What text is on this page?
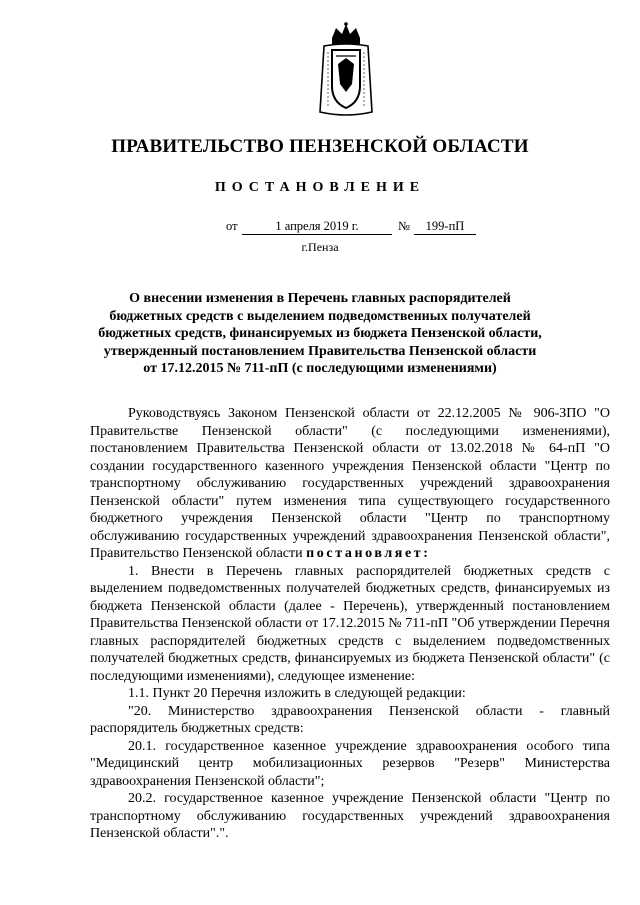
ПРАВИТЕЛЬСТВО ПЕНЗЕНСКОЙ ОБЛАСТИ
ПОСТАНОВЛЕНИЕ
от	1 апреля 2019 г.	№	199-пП
г.Пенза
О внесении изменения в Перечень главных распорядителей
бюджетных средств с выделением подведомственных получателей
бюджетных средств, финансируемых из бюджета Пензенской области,
утвержденный постановлением Правительства Пензенской области
от 17.12.2015 № 711-пП (с последующими изменениями)

Руководствуясь Законом Пензенской области от 22.12.2005 № 906-ЗПО "О Правительстве Пензенской области" (с последующими изменениями), постановлением Правительства Пензенской области от 13.02.2018 № 64-пП "О создании государственного казенного учреждения Пензенской области "Центр по транспортному обслуживанию государственных учреждений здравоохранения Пензенской области" путем изменения типа существующего государственного бюджетного учреждения Пензенской области "Центр по транспортному обслуживанию государственных учреждений здравоохранения Пензенской области", Правительство Пензенской области постановляет:

1. Внести в Перечень главных распорядителей бюджетных средств с выделением подведомственных получателей бюджетных средств, финансируемых из бюджета Пензенской области (далее - Перечень), утвержденный постановлением Правительства Пензенской области от 17.12.2015 № 711-пП "Об утверждении Перечня главных распорядителей бюджетных средств с выделением подведомственных получателей бюджетных средств, финансируемых из бюджета Пензенской области" (с последующими изменениями), следующее изменение:

1.1. Пункт 20 Перечня изложить в следующей редакции:

"20. Министерство здравоохранения Пензенской области - главный распорядитель бюджетных средств:

20.1. государственное казенное учреждение здравоохранения особого типа "Медицинский центр мобилизационных резервов "Резерв" Министерства здравоохранения Пензенской области";

20.2. государственное казенное учреждение Пензенской области "Центр по транспортному обслуживанию государственных учреждений здравоохранения Пензенской области".".
